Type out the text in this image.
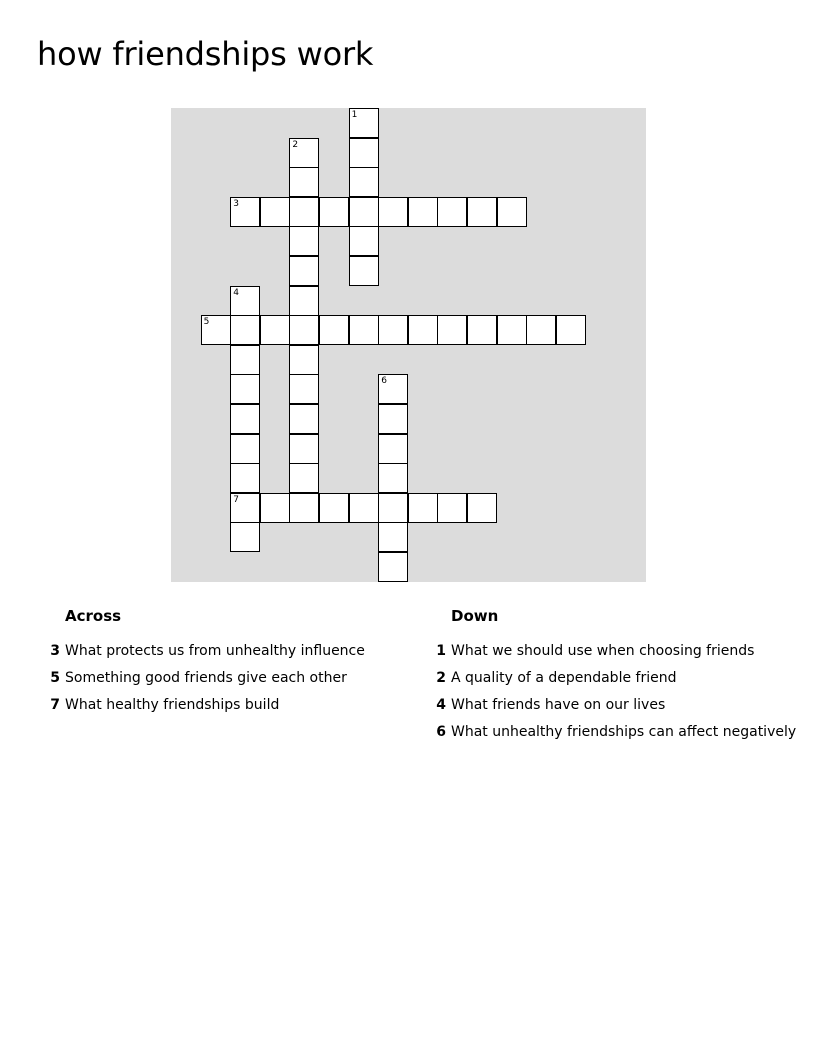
how friendships work
1
2
3
4
7
5
6
Across
3 What protects us from unhealthy influence
5 Something good friends give each other
7 What healthy friendships build
Down
1 What we should use when choosing friends
2 A quality of a dependable friend
4 What friends have on our lives
6 What unhealthy friendships can affect negatively
